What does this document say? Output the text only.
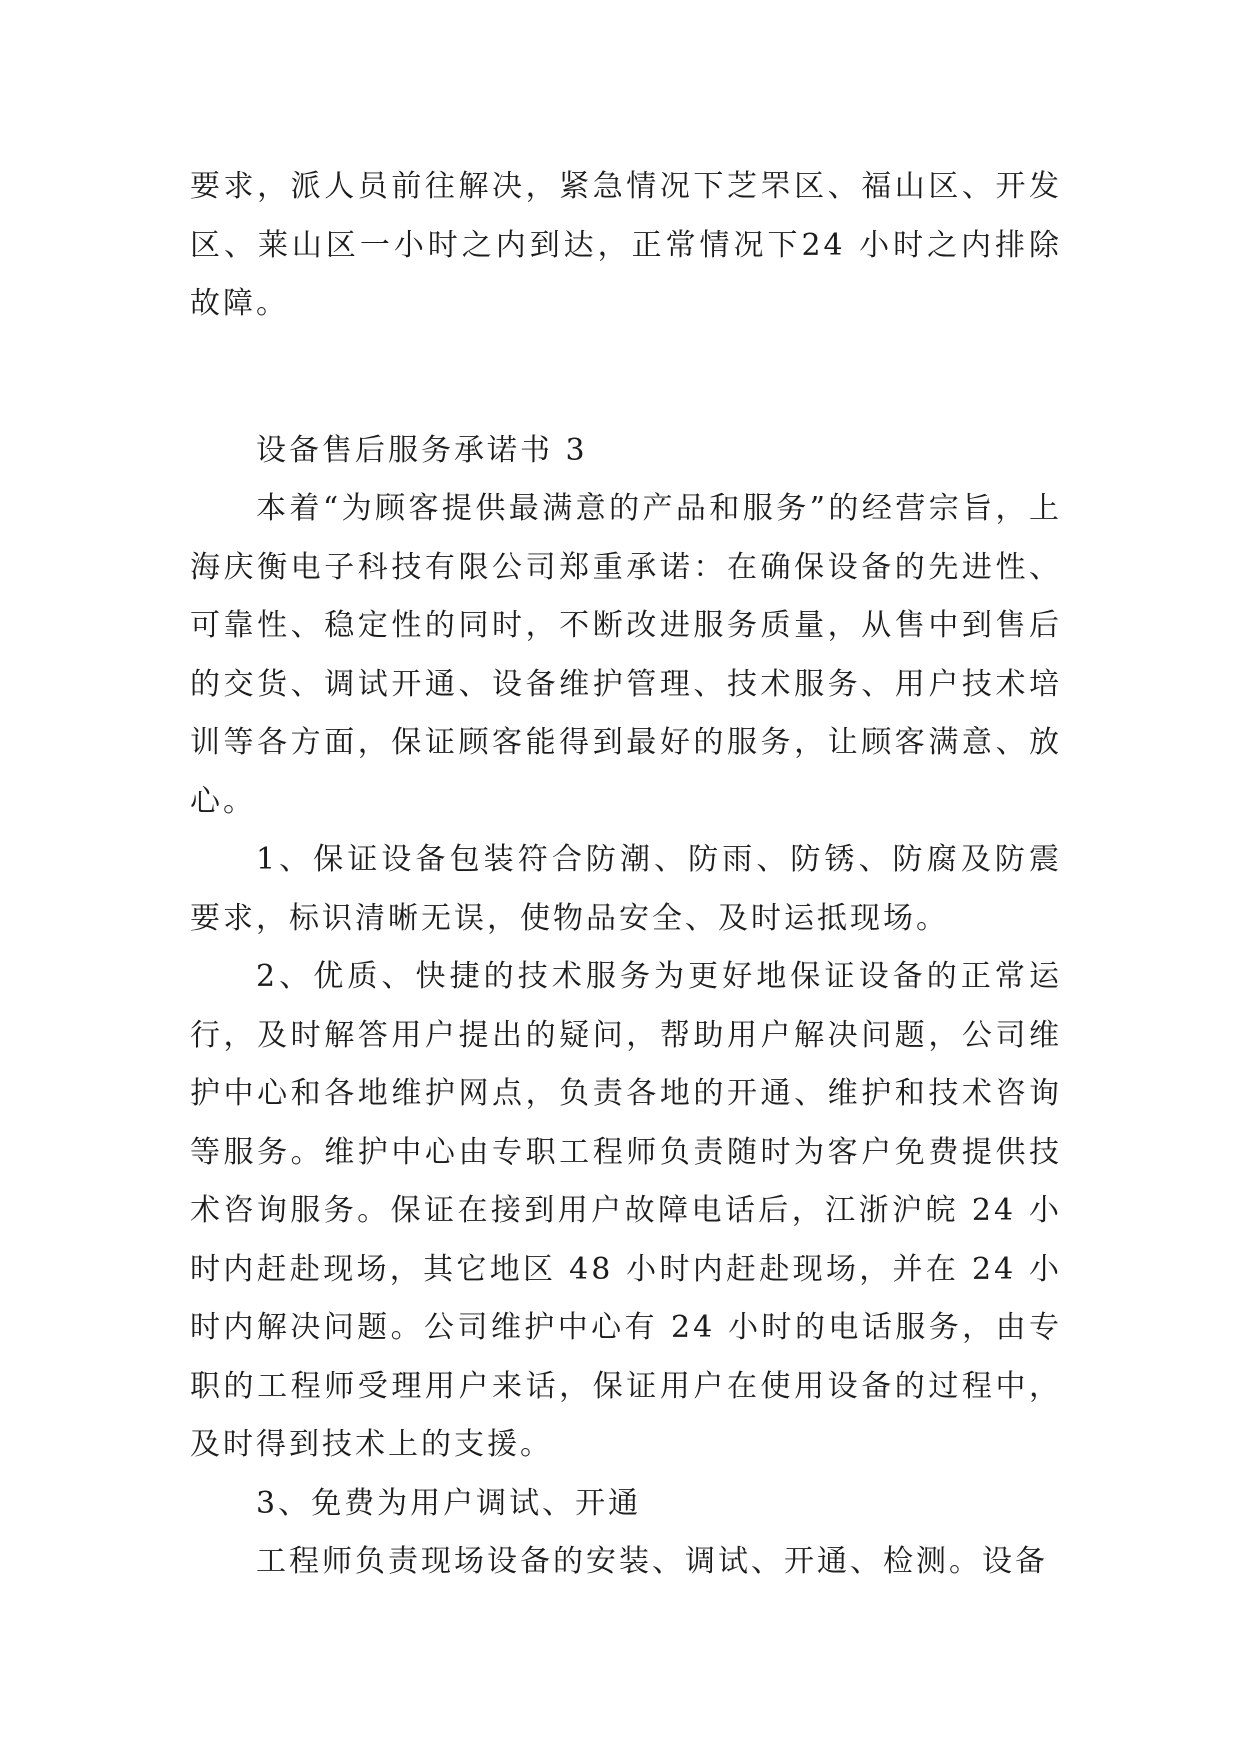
要求，派人员前往解决，紧急情况下芝罘区、福山区、开发区、莱山区一小时之内到达，正常情况下24 小时之内排除故障。

设备售后服务承诺书 3

本着“为顾客提供最满意的产品和服务”的经营宗旨，上海庆衡电子科技有限公司郑重承诺：在确保设备的先进性、可靠性、稳定性的同时，不断改进服务质量，从售中到售后的交货、调试开通、设备维护管理、技术服务、用户技术培训等各方面，保证顾客能得到最好的服务，让顾客满意、放心。

1、保证设备包装符合防潮、防雨、防锈、防腐及防震要求，标识清晰无误，使物品安全、及时运抵现场。

2、优质、快捷的技术服务为更好地保证设备的正常运行，及时解答用户提出的疑问，帮助用户解决问题，公司维护中心和各地维护网点，负责各地的开通、维护和技术咨询等服务。维护中心由专职工程师负责随时为客户免费提供技术咨询服务。保证在接到用户故障电话后，江浙沪皖 24 小时内赶赴现场，其它地区 48 小时内赶赴现场，并在 24 小时内解决问题。公司维护中心有 24 小时的电话服务，由专职的工程师受理用户来话，保证用户在使用设备的过程中，及时得到技术上的支援。

3、免费为用户调试、开通

工程师负责现场设备的安装、调试、开通、检测。设备
